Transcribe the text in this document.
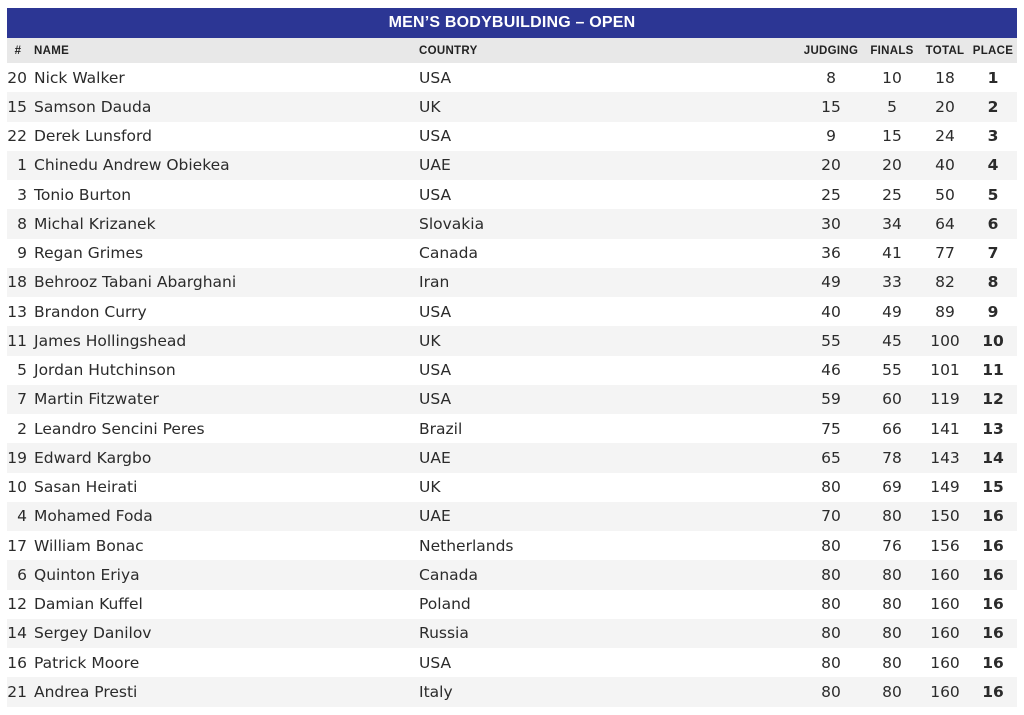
MEN’S BODYBUILDING – OPEN
#	NAME	COUNTRY	JUDGING	FINALS	TOTAL	PLACE
20	Nick Walker	USA	8	10	18	1
15	Samson Dauda	UK	15	5	20	2
22	Derek Lunsford	USA	9	15	24	3
1	Chinedu Andrew Obiekea	UAE	20	20	40	4
3	Tonio Burton	USA	25	25	50	5
8	Michal Krizanek	Slovakia	30	34	64	6
9	Regan Grimes	Canada	36	41	77	7
18	Behrooz Tabani Abarghani	Iran	49	33	82	8
13	Brandon Curry	USA	40	49	89	9
11	James Hollingshead	UK	55	45	100	10
5	Jordan Hutchinson	USA	46	55	101	11
7	Martin Fitzwater	USA	59	60	119	12
2	Leandro Sencini Peres	Brazil	75	66	141	13
19	Edward Kargbo	UAE	65	78	143	14
10	Sasan Heirati	UK	80	69	149	15
4	Mohamed Foda	UAE	70	80	150	16
17	William Bonac	Netherlands	80	76	156	16
6	Quinton Eriya	Canada	80	80	160	16
12	Damian Kuffel	Poland	80	80	160	16
14	Sergey Danilov	Russia	80	80	160	16
16	Patrick Moore	USA	80	80	160	16
21	Andrea Presti	Italy	80	80	160	16
